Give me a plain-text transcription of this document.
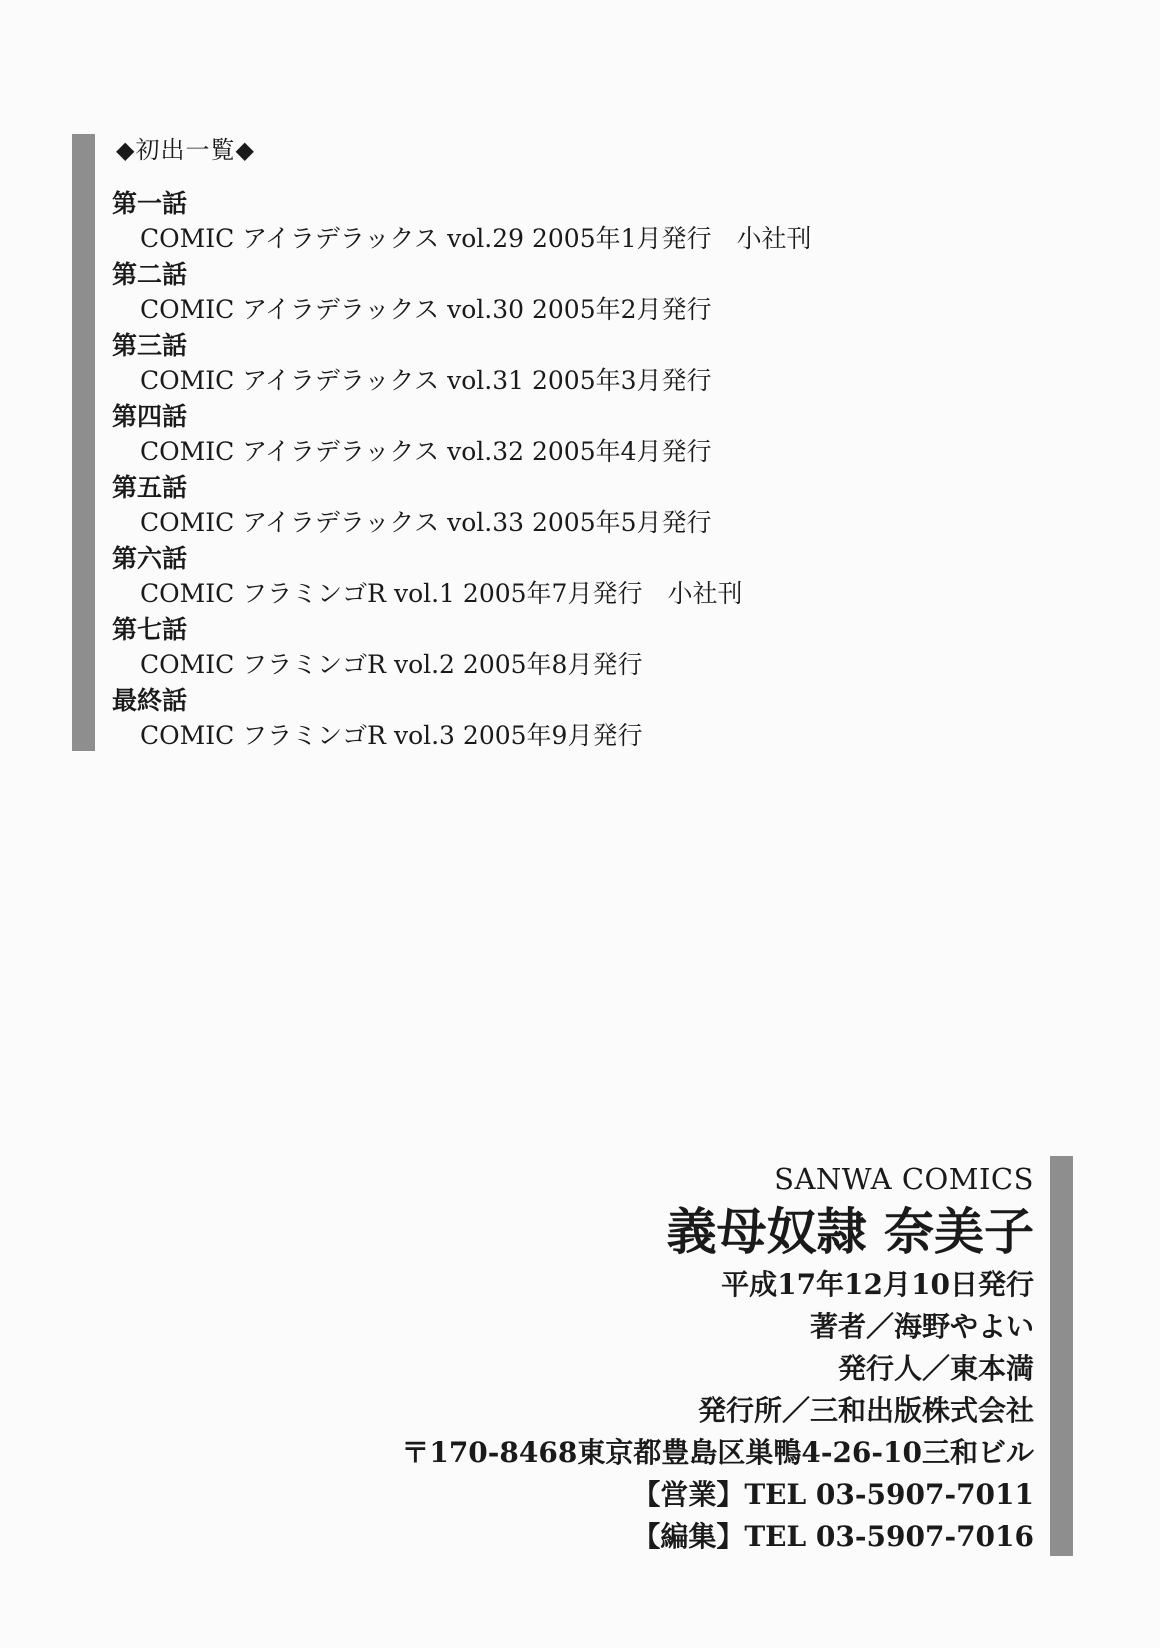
◆初出一覧◆
第一話
COMIC アイラデラックス vol.29 2005年1月発行　小社刊
第二話
COMIC アイラデラックス vol.30 2005年2月発行
第三話
COMIC アイラデラックス vol.31 2005年3月発行
第四話
COMIC アイラデラックス vol.32 2005年4月発行
第五話
COMIC アイラデラックス vol.33 2005年5月発行
第六話
COMIC フラミンゴR vol.1 2005年7月発行　小社刊
第七話
COMIC フラミンゴR vol.2 2005年8月発行
最終話
COMIC フラミンゴR vol.3 2005年9月発行
SANWA COMICS
義母奴隷 奈美子
平成17年12月10日発行
著者／海野やよい
発行人／東本満
発行所／三和出版株式会社
〒170-8468東京都豊島区巣鴨4-26-10三和ビル
【営業】TEL 03-5907-7011
【編集】TEL 03-5907-7016
